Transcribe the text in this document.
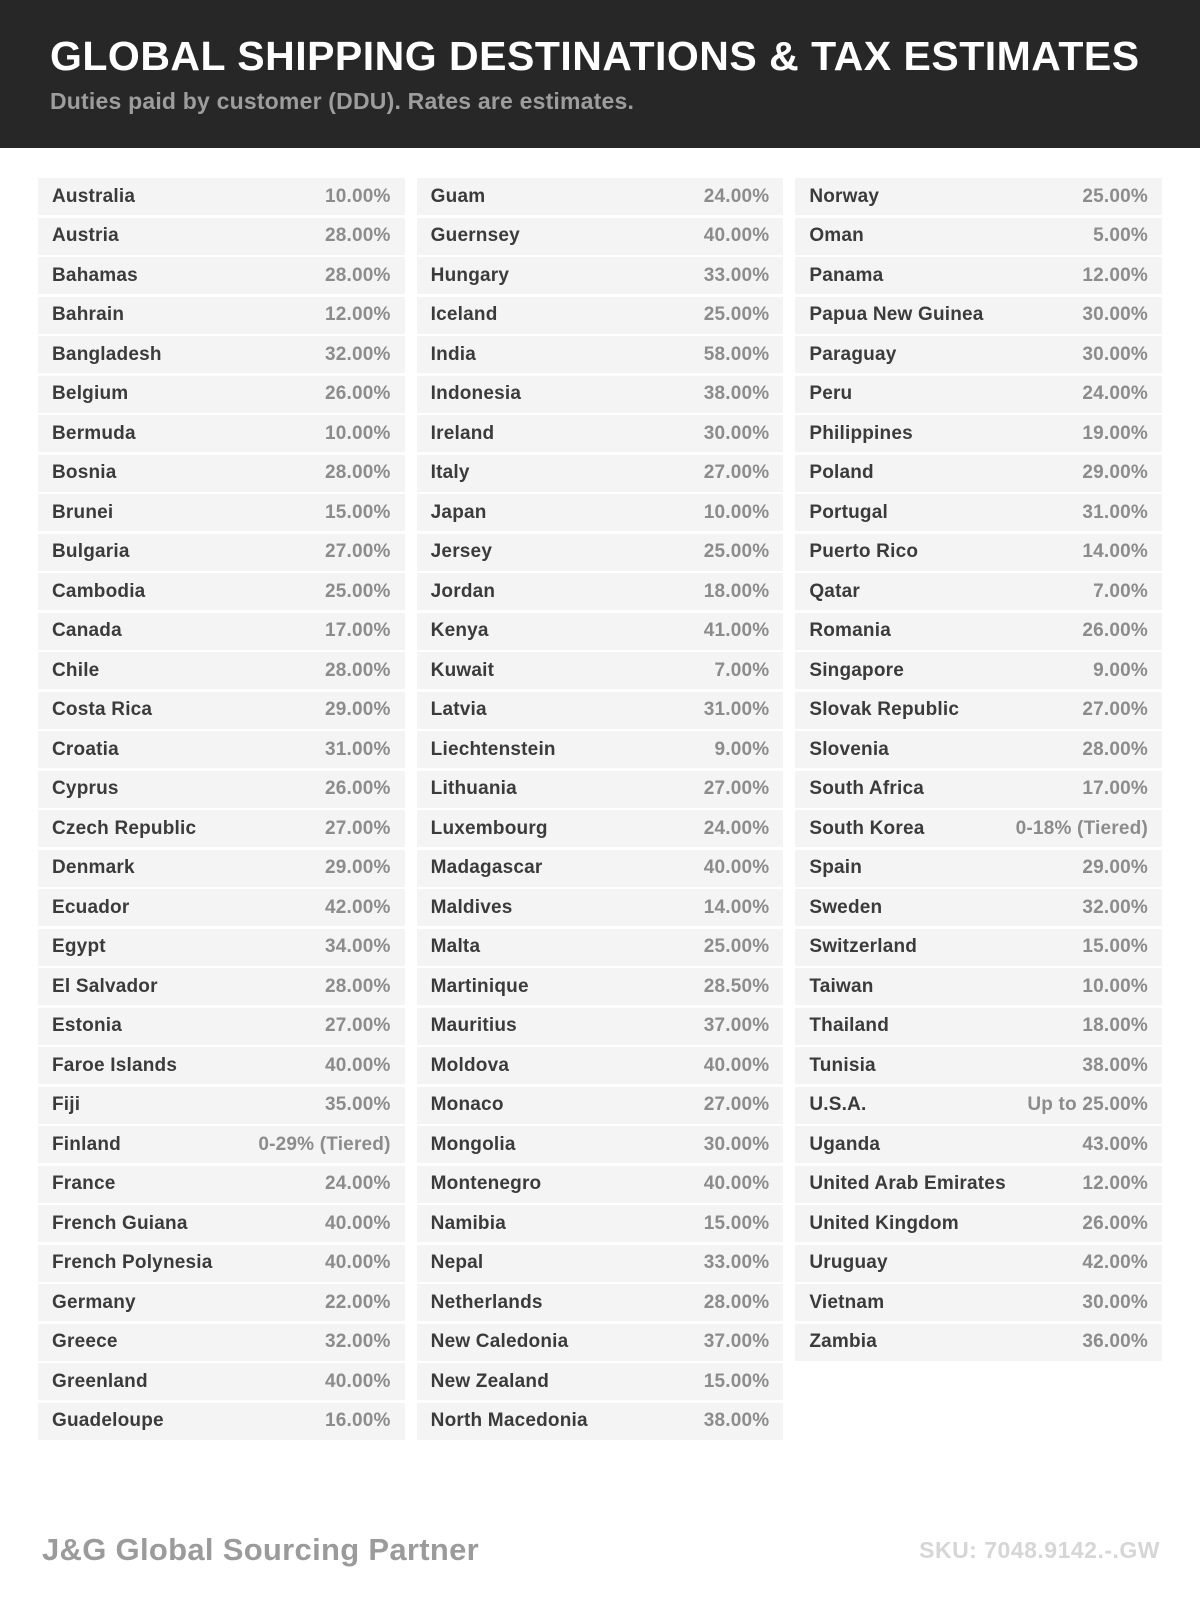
GLOBAL SHIPPING DESTINATIONS & TAX ESTIMATES
Duties paid by customer (DDU). Rates are estimates.
Australia	10.00%
Austria	28.00%
Bahamas	28.00%
Bahrain	12.00%
Bangladesh	32.00%
Belgium	26.00%
Bermuda	10.00%
Bosnia	28.00%
Brunei	15.00%
Bulgaria	27.00%
Cambodia	25.00%
Canada	17.00%
Chile	28.00%
Costa Rica	29.00%
Croatia	31.00%
Cyprus	26.00%
Czech Republic	27.00%
Denmark	29.00%
Ecuador	42.00%
Egypt	34.00%
El Salvador	28.00%
Estonia	27.00%
Faroe Islands	40.00%
Fiji	35.00%
Finland	0-29% (Tiered)
France	24.00%
French Guiana	40.00%
French Polynesia	40.00%
Germany	22.00%
Greece	32.00%
Greenland	40.00%
Guadeloupe	16.00%
Guam	24.00%
Guernsey	40.00%
Hungary	33.00%
Iceland	25.00%
India	58.00%
Indonesia	38.00%
Ireland	30.00%
Italy	27.00%
Japan	10.00%
Jersey	25.00%
Jordan	18.00%
Kenya	41.00%
Kuwait	7.00%
Latvia	31.00%
Liechtenstein	9.00%
Lithuania	27.00%
Luxembourg	24.00%
Madagascar	40.00%
Maldives	14.00%
Malta	25.00%
Martinique	28.50%
Mauritius	37.00%
Moldova	40.00%
Monaco	27.00%
Mongolia	30.00%
Montenegro	40.00%
Namibia	15.00%
Nepal	33.00%
Netherlands	28.00%
New Caledonia	37.00%
New Zealand	15.00%
North Macedonia	38.00%
Norway	25.00%
Oman	5.00%
Panama	12.00%
Papua New Guinea	30.00%
Paraguay	30.00%
Peru	24.00%
Philippines	19.00%
Poland	29.00%
Portugal	31.00%
Puerto Rico	14.00%
Qatar	7.00%
Romania	26.00%
Singapore	9.00%
Slovak Republic	27.00%
Slovenia	28.00%
South Africa	17.00%
South Korea	0-18% (Tiered)
Spain	29.00%
Sweden	32.00%
Switzerland	15.00%
Taiwan	10.00%
Thailand	18.00%
Tunisia	38.00%
U.S.A.	Up to 25.00%
Uganda	43.00%
United Arab Emirates	12.00%
United Kingdom	26.00%
Uruguay	42.00%
Vietnam	30.00%
Zambia	36.00%
J&G Global Sourcing Partner	SKU: 7048.9142.-.GW
